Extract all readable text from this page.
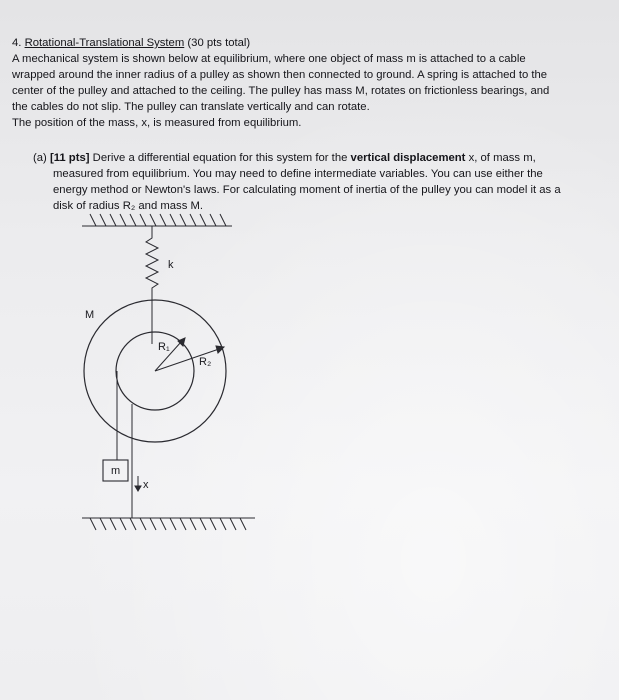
4. Rotational-Translational System (30 pts total)

A mechanical system is shown below at equilibrium, where one object of mass m is attached to a cable

wrapped around the inner radius of a pulley as shown then connected to ground. A spring is attached to the

center of the pulley and attached to the ceiling. The pulley has mass M, rotates on frictionless bearings, and

the cables do not slip. The pulley can translate vertically and can rotate.

The position of the mass, x, is measured from equilibrium.

(a) [11 pts] Derive a differential equation for this system for the vertical displacement x, of mass m,

measured from equilibrium. You may need to define intermediate variables. You can use either the
energy method or Newton's laws. For calculating moment of inertia of the pulley you can model it as a
disk of radius R₂ and mass M.
k
M
R₁
R₂
m
x
